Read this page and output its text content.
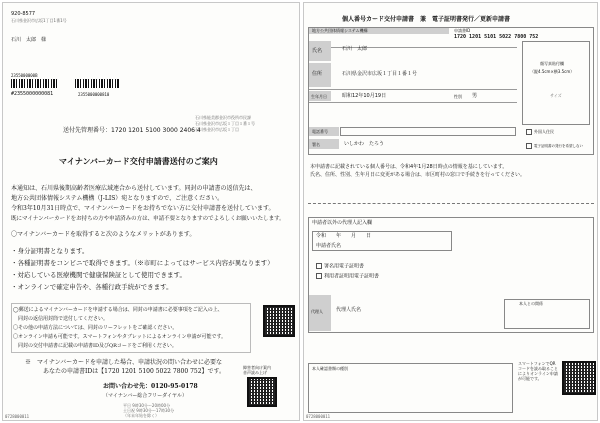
920-8577
石川県金沢市広坂1丁目1番1号
石川　太郎　様
2355000000B
#2355000000081	2355000000810
石川県能美郡金沢市役所市民課
石川県金沢市広坂１丁目１番１号
石川県金沢市広坂１丁目
送付先管理番号：1720 1201 5100 3000 2406 4
マイナンバーカード交付申請書送付のご案内
本通知は、石川県後期高齢者医療広域連合から送付しています。同封の申請書の返信先は、
地方公共団体情報システム機構（J-LIS）宛となりますので、ご注意ください。
令和3年10月31日時点で、マイナンバーカードをお持ちでない方に交付申請書を送付しています。
既にマイナンバーカードをお持ちの方や申請済みの方は、申請不要となりますのでよろしくお願いいたします。
〇マイナンバーカードを取得すると次のようなメリットがあります。
・身分証明書となります。
・各種証明書をコンビニで取得できます。（※市町によってはサービス内容が異なります）
・対応している医療機関で健康保険証として使用できます。
・オンラインで確定申告や、各種行政手続ができます。
◯郵送によるマイナンバーカードを申請する場合は、同封の申請書に必要事項をご記入の上、
　同封の返信用封筒で送付してください。
〇その他の申請方法については、同封のリーフレットをご確認ください。
〇オンライン申請も可能です。スマートフォンやタブレットによるオンライン申請が可能です。
　同封の交付申請書に記載の申請書ID及びQRコードをご利用ください。
※　マイナンバーカードを申請した場合、申請状況の問い合わせに必要な
あなたの申請書IDは【1720 1201 5100 5022 7800 752】です。
お問い合わせ先：0120-95-0178
（マイナンバー総合フリーダイヤル）
平日 9時30分〜20時00分
土日祝 9時30分〜17時30分
（年末年始を除く）
障害者向け案内
音声読み上げ
0728000011
個人番号カード交付申請書　兼　電子証明書発行／更新申請書
地方公共団体情報システム機構	申請書ID
1720 1201 5101 5022 7800 752
氏名	石川　太郎
住所	石川県金沢市広坂１丁目１番１号
生年月日	昭和12年10月19日	性別 男
顔写真貼付欄
（縦4.5cm×横3.5cm）
サイズ
電話番号
署名	いしかわ　たろう
外国人住民
電子証明書の発行を希望しない
本申請書に記載されている個人番号は、令和4年1月28日時点の情報を基にしています。
氏名、住所、性別、生年月日に変更がある場合は、市区町村の窓口で手続きを行ってください。
申請者以外の代理人記入欄
令和　　年　　月　　日
申請者氏名
署名用電子証明書
利用者証明用電子証明書
代理人	代理人氏名
本人との関係
本人確認書類の種別
スマートフォンでQRコードを読み取ることによりオンライン申請が可能です。
0728000011
